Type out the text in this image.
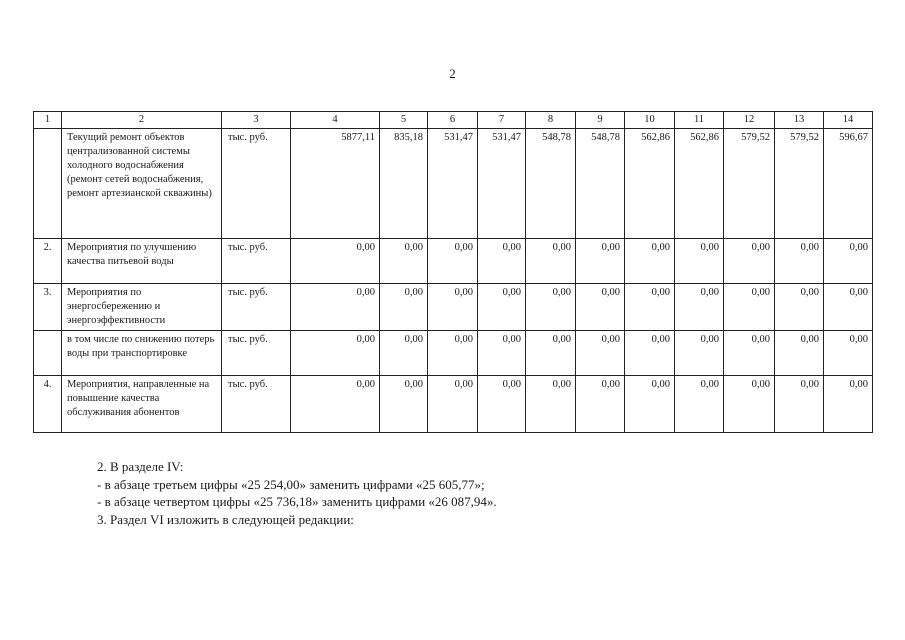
2
1	2	3	4	5	6	7	8	9	10	11	12	13	14
	Текущий ремонт объектов централизованной системы холодного водоснабжения (ремонт сетей водоснабжения, ремонт артезианской скважины)	тыс. руб.	5877,11	835,18	531,47	531,47	548,78	548,78	562,86	562,86	579,52	579,52	596,67
2.	Мероприятия по улучшению качества питьевой воды	тыс. руб.	0,00	0,00	0,00	0,00	0,00	0,00	0,00	0,00	0,00	0,00	0,00
3.	Мероприятия по энергосбережению и энергоэффективности	тыс. руб.	0,00	0,00	0,00	0,00	0,00	0,00	0,00	0,00	0,00	0,00	0,00
	в том числе по снижению потерь воды при транспортировке	тыс. руб.	0,00	0,00	0,00	0,00	0,00	0,00	0,00	0,00	0,00	0,00	0,00
4.	Мероприятия, направленные на повышение качества обслуживания абонентов	тыс. руб.	0,00	0,00	0,00	0,00	0,00	0,00	0,00	0,00	0,00	0,00	0,00

2. В разделе IV:

- в абзаце третьем цифры «25 254,00» заменить цифрами «25 605,77»;

- в абзаце четвертом цифры «25 736,18» заменить цифрами «26 087,94».

3. Раздел VI изложить в следующей редакции:
